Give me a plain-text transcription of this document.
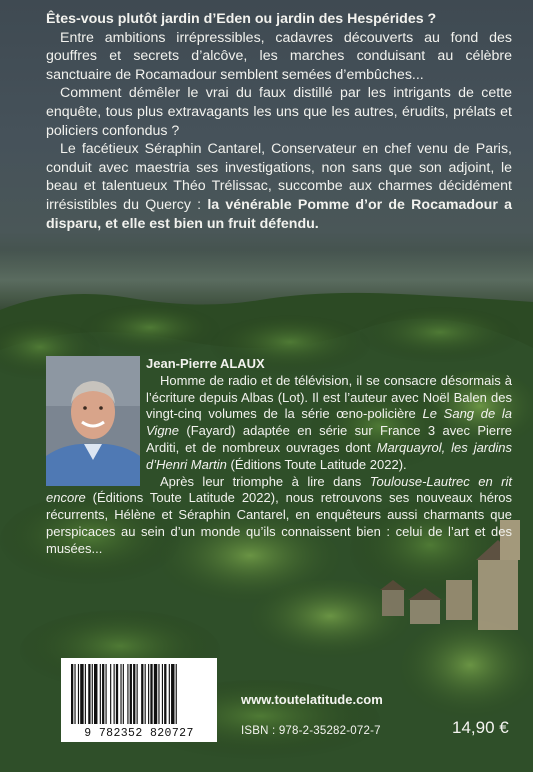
Êtes-vous plutôt jardin d’Eden ou jardin des Hespérides ?

Entre ambitions irrépressibles, cadavres découverts au fond des gouffres et secrets d’alcôve, les marches conduisant au célèbre sanctuaire de Rocamadour semblent semées d’embûches...

Comment démêler le vrai du faux distillé par les intrigants de cette enquête, tous plus extravagants les uns que les autres, érudits, prélats et policiers confondus ?

Le facétieux Séraphin Cantarel, Conservateur en chef venu de Paris, conduit avec maestria ses investigations, non sans que son adjoint, le beau et talentueux Théo Trélissac, succombe aux charmes décidément irrésistibles du Quercy : la vénérable Pomme d’or de Rocamadour a disparu, et elle est bien un fruit défendu.

Jean-Pierre ALAUX

Homme de radio et de télévision, il se consacre désormais à l’écriture depuis Albas (Lot). Il est l’auteur avec Noël Balen des vingt-cinq volumes de la série œno-policière Le Sang de la Vigne (Fayard) adaptée en série sur France 3 avec Pierre Arditi, et de nombreux ouvrages dont Marquayrol, les jardins d’Henri Martin (Éditions Toute Latitude 2022).

Après leur triomphe à lire dans Toulouse-Lautrec en rit encore (Éditions Toute Latitude 2022), nous retrouvons ses nouveaux héros récurrents, Hélène et Séraphin Cantarel, en enquêteurs aussi charmants que perspicaces au sein d’un monde qu’ils connaissent bien : celui de l’art et des musées...

9 782352 820727
www.toutelatitude.com
ISBN : 978-2-35282-072-7	14,90 €
